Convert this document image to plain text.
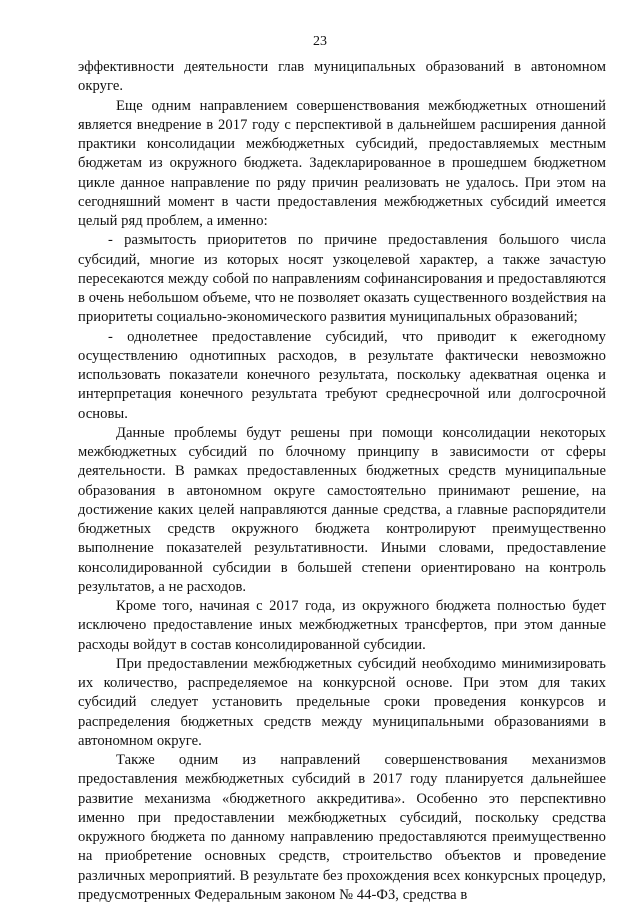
23

эффективности деятельности глав муниципальных образований в автономном округе.

Еще одним направлением совершенствования межбюджетных отношений является внедрение в 2017 году с перспективой в дальнейшем расширения данной практики консолидации межбюджетных субсидий, предоставляемых местным бюджетам из окружного бюджета. Задекларированное в прошедшем бюджетном цикле данное направление по ряду причин реализовать не удалось. При этом на сегодняшний момент в части предоставления межбюджетных субсидий имеется целый ряд проблем, а именно:

- размытость приоритетов по причине предоставления большого числа субсидий, многие из которых носят узкоцелевой характер, а также зачастую пересекаются между собой по направлениям софинансирования и предоставляются в очень небольшом объеме, что не позволяет оказать существенного воздействия на приоритеты социально-экономического развития муниципальных образований;

- однолетнее предоставление субсидий, что приводит к ежегодному осуществлению однотипных расходов, в результате фактически невозможно использовать показатели конечного результата, поскольку адекватная оценка и интерпретация конечного результата требуют среднесрочной или долгосрочной основы.

Данные проблемы будут решены при помощи консолидации некоторых межбюджетных субсидий по блочному принципу в зависимости от сферы деятельности. В рамках предоставленных бюджетных средств муниципальные образования в автономном округе самостоятельно принимают решение, на достижение каких целей направляются данные средства, а главные распорядители бюджетных средств окружного бюджета контролируют преимущественно выполнение показателей результативности. Иными словами, предоставление консолидированной субсидии в большей степени ориентировано на контроль результатов, а не расходов.

Кроме того, начиная с 2017 года, из окружного бюджета полностью будет исключено предоставление иных межбюджетных трансфертов, при этом данные расходы войдут в состав консолидированной субсидии.

При предоставлении межбюджетных субсидий необходимо минимизировать их количество, распределяемое на конкурсной основе. При этом для таких субсидий следует установить предельные сроки проведения конкурсов и распределения бюджетных средств между муниципальными образованиями в автономном округе.

Также одним из направлений совершенствования механизмов предоставления межбюджетных субсидий в 2017 году планируется дальнейшее развитие механизма «бюджетного аккредитива». Особенно это перспективно именно при предоставлении межбюджетных субсидий, поскольку средства окружного бюджета по данному направлению предоставляются преимущественно на приобретение основных средств, строительство объектов и проведение различных мероприятий. В результате без прохождения всех конкурсных процедур, предусмотренных Федеральным законом № 44-ФЗ, средства в
